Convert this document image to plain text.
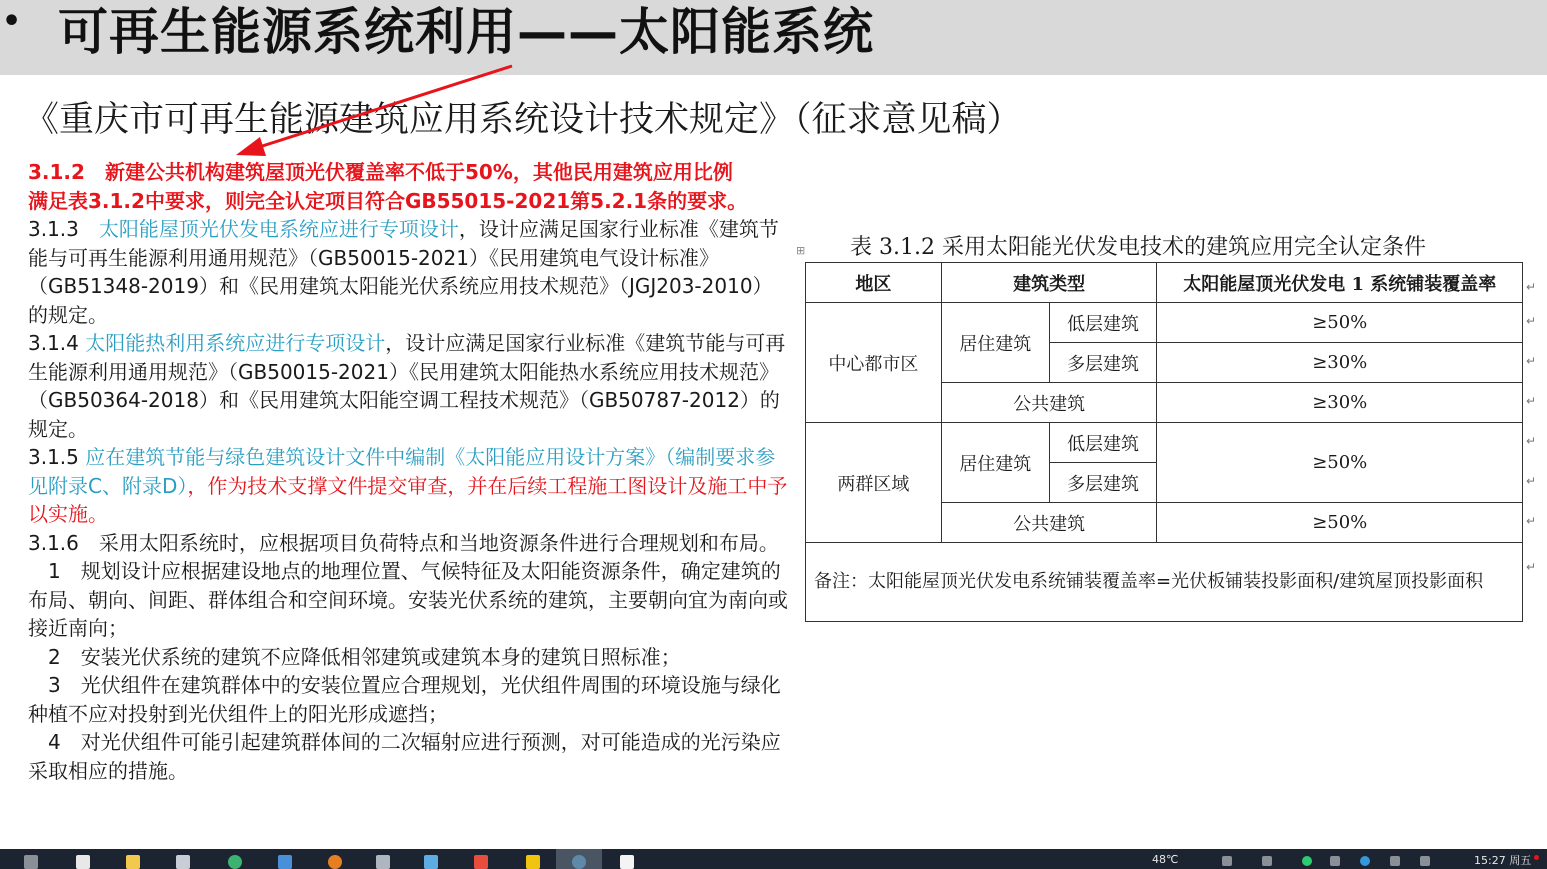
• 可再生能源系统利用——太阳能系统
《重庆市可再生能源建筑应用系统设计技术规定》（征求意见稿）

3.1.2　新建公共机构建筑屋顶光伏覆盖率不低于50%，其他民用建筑应用比例
满足表3.1.2中要求，则完全认定项目符合GB55015-2021第5.2.1条的要求。

3.1.3　太阳能屋顶光伏发电系统应进行专项设计，设计应满足国家行业标准《建筑节能与可再生能源利用通用规范》（GB50015-2021）《民用建筑电气设计标准》（GB51348-2019）和《民用建筑太阳能光伏系统应用技术规范》（JGJ203-2010）的规定。

3.1.4 太阳能热利用系统应进行专项设计，设计应满足国家行业标准《建筑节能与可再生能源利用通用规范》（GB50015-2021）《民用建筑太阳能热水系统应用技术规范》（GB50364-2018）和《民用建筑太阳能空调工程技术规范》（GB50787-2012）的规定。

3.1.5 应在建筑节能与绿色建筑设计文件中编制《太阳能应用设计方案》（编制要求参见附录C、附录D），作为技术支撑文件提交审查，并在后续工程施工图设计及施工中予以实施。

3.1.6　采用太阳系统时，应根据项目负荷特点和当地资源条件进行合理规划和布局。

　1　规划设计应根据建设地点的地理位置、气候特征及太阳能资源条件，确定建筑的布局、朝向、间距、群体组合和空间环境。安装光伏系统的建筑，主要朝向宜为南向或接近南向；

　2　安装光伏系统的建筑不应降低相邻建筑或建筑本身的建筑日照标准；

　3　光伏组件在建筑群体中的安装位置应合理规划，光伏组件周围的环境设施与绿化种植不应对投射到光伏组件上的阳光形成遮挡；

　4　对光伏组件可能引起建筑群体间的二次辐射应进行预测，对可能造成的光污染应采取相应的措施。

⊞ 表 3.1.2 采用太阳能光伏发电技术的建筑应用完全认定条件
地区	建筑类型		太阳能屋顶光伏发电 1 系统铺装覆盖率
中心都市区	居住建筑	低层建筑	≥50%
		多层建筑	≥30%
	公共建筑		≥30%
两群区域	居住建筑	低层建筑	≥50%
		多层建筑	
	公共建筑		≥50%
备注：太阳能屋顶光伏发电系统铺装覆盖率=光伏板铺装投影面积/建筑屋顶投影面积			
↵
↵
↵
↵
↵
↵
↵
↵
48℃	15:27 周五
